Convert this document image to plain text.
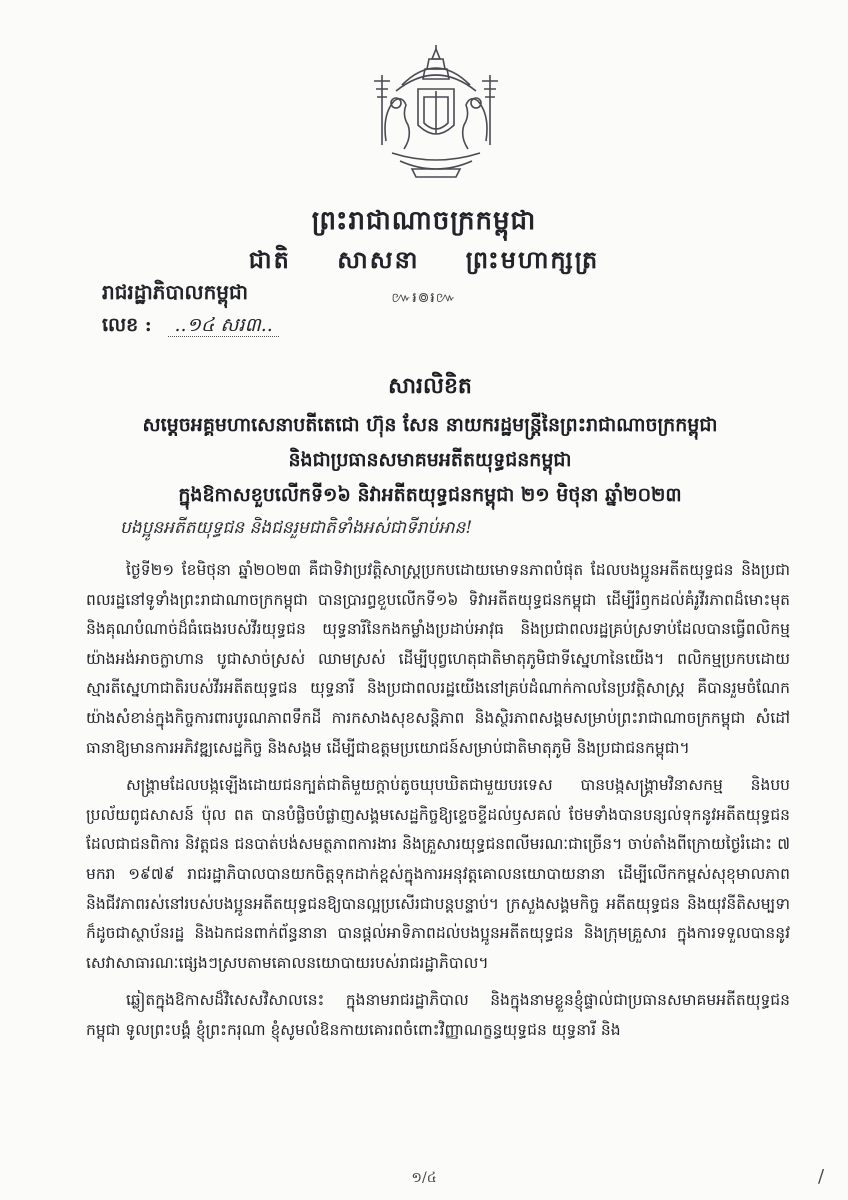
ព្រះរាជាណាចក្រកម្ពុជា
ជាតិ សាសនា ព្រះមហាក្សត្រ
៚៛៙៛៚
រាជរដ្ឋាភិបាលកម្ពុជា
លេខ : ..១៤ សរ៣..
សារលិខិត
សម្តេចអគ្គមហាសេនាបតីតេជោ ហ៊ុន សែន នាយករដ្ឋមន្ត្រីនៃព្រះរាជាណាចក្រកម្ពុជា
និងជាប្រធានសមាគមអតីតយុទ្ធជនកម្ពុជា
ក្នុងឱកាសខួបលើកទី១៦ និវាអតីតយុទ្ធជនកម្ពុជា ២១ មិថុនា ឆ្នាំ២០២៣
បងប្អូនអតីតយុទ្ធជន និងជនរួមជាតិទាំងអស់ជាទីរាប់អាន!

ថ្ងៃទី២១ ខែមិថុនា ឆ្នាំ២០២៣ គឺជាទិវាប្រវត្តិសាស្ត្រប្រកបដោយមោទនភាពបំផុត ដែលបងប្អូនអតីតយុទ្ធជន និងប្រជាពលរដ្ឋនៅទូទាំងព្រះរាជាណាចក្រកម្ពុជា បានប្រារព្ធខួបលើកទី១៦ ទិវាអតីតយុទ្ធជនកម្ពុជា ដើម្បីរំឭកដល់គំរូវីរភាពដ៏មោះមុត និងគុណបំណាច់ដ៏ធំធេងរបស់វីរយុទ្ធជន យុទ្ធនារីនៃកងកម្លាំងប្រដាប់អាវុធ និងប្រជាពលរដ្ឋគ្រប់ស្រទាប់ដែលបានធ្វើពលិកម្មយ៉ាងអង់អាចក្លាហាន បូជាសាច់ស្រស់ ឈាមស្រស់ ដើម្បីបុព្វហេតុជាតិមាតុភូមិជាទីស្នេហានៃយើង។ ពលិកម្មប្រកបដោយស្មារតីស្នេហាជាតិរបស់វីរអតីតយុទ្ធជន យុទ្ធនារី និងប្រជាពលរដ្ឋយើងនៅគ្រប់ដំណាក់កាលនៃប្រវត្តិសាស្ត្រ គឺបានរួមចំណែកយ៉ាងសំខាន់ក្នុងកិច្ចការពារបូរណភាពទឹកដី ការកសាងសុខសន្តិភាព និងស្ថិរភាពសង្គមសម្រាប់ព្រះរាជាណាចក្រកម្ពុជា សំដៅធានាឱ្យមានការអភិវឌ្ឍសេដ្ឋកិច្ច និងសង្គម ដើម្បីជាឧត្តមប្រយោជន៍សម្រាប់ជាតិមាតុភូមិ និងប្រជាជនកម្ពុជា។

សង្គ្រាមដែលបង្កឡើងដោយជនក្បត់ជាតិមួយក្តាប់តូចឃុបឃិតជាមួយបរទេស បានបង្កសង្គ្រាមវិនាសកម្ម និងបបប្រល័យពូជសាសន៍ ប៉ុល ពត បានបំផ្លិចបំផ្លាញសង្គមសេដ្ឋកិច្ចឱ្យខ្ទេចខ្ទីដល់ឫសគល់ ថែមទាំងបានបន្សល់ទុកនូវអតីតយុទ្ធជនដែលជាជនពិការ និវត្តជន ជនបាត់បង់សមត្ថភាពការងារ និងគ្រួសារយុទ្ធជនពលីមរណៈជាច្រើន។ ចាប់តាំងពីក្រោយថ្ងៃរំដោះ ៧ មករា ១៩៧៩ រាជរដ្ឋាភិបាលបានយកចិត្តទុកដាក់ខ្ពស់ក្នុងការអនុវត្តគោលនយោបាយនានា ដើម្បីលើកកម្ពស់សុខុមាលភាព និងជីវភាពរស់នៅរបស់បងប្អូនអតីតយុទ្ធជនឱ្យបានល្អប្រសើរជាបន្តបន្ទាប់។ ក្រសួងសង្គមកិច្ច អតីតយុទ្ធជន និងយុវនីតិសម្បទា ក៏ដូចជាស្ថាប័នរដ្ឋ និងឯកជនពាក់ព័ន្ធនានា បានផ្តល់អាទិភាពដល់បងប្អូនអតីតយុទ្ធជន និងក្រុមគ្រួសារ ក្នុងការទទួលបាននូវសេវាសាធារណៈផ្សេងៗស្របតាមគោលនយោបាយរបស់រាជរដ្ឋាភិបាល។

ឆ្លៀតក្នុងឱកាសដ៏វិសេសវិសាលនេះ ក្នុងនាមរាជរដ្ឋាភិបាល និងក្នុងនាមខ្លួនខ្ញុំផ្ទាល់ជាប្រធានសមាគមអតីតយុទ្ធជនកម្ពុជា ទូលព្រះបង្គំ ខ្ញុំព្រះករុណា ខ្ញុំសូមលំឱនកាយគោរពចំពោះវិញ្ញាណក្ខន្ធយុទ្ធជន យុទ្ធនារី និង

១/៤	/
